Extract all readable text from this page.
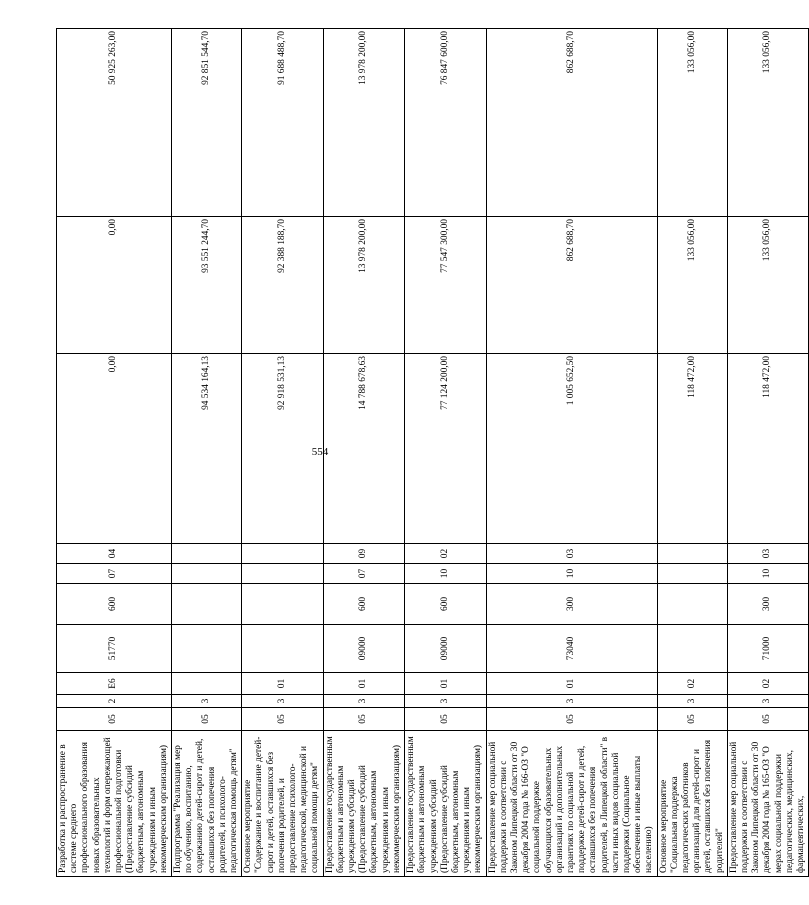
554
Разработка и распространение в системе среднего профессионального образования новых образовательных технологий и форм опережающей профессиональной подготовки (Предоставление субсидий бюджетным, автономным учреждениям и иным некоммерческим организациям)	05	2	Е6	51770	600	07	04	0,00	0,00	50 925 263,00
Подпрограмма "Реализация мер по обучению, воспитанию, содержанию детей-сирот и детей, оставшихся без попечения родителей, и психолого-педагогическая помощь детям"	05	3						94 534 164,13	93 551 244,70	92 851 544,70
Основное мероприятие "Содержание и воспитание детей-сирот и детей, оставшихся без попечения родителей, и предоставление психолого-педагогической, медицинской и социальной помощи детям"	05	3	01					92 918 531,13	92 388 188,70	91 688 488,70
Предоставление государственным бюджетным и автономным учреждениям субсидий (Предоставление субсидий бюджетным, автономным учреждениям и иным некоммерческим организациям)	05	3	01	09000	600	07	09	14 788 678,63	13 978 200,00	13 978 200,00
Предоставление государственным бюджетным и автономным учреждениям субсидий (Предоставление субсидий бюджетным, автономным учреждениям и иным некоммерческим организациям)	05	3	01	09000	600	10	02	77 124 200,00	77 547 300,00	76 847 600,00
Предоставление мер социальной поддержки в соответствии с Законом Липецкой области от 30 декабря 2004 года № 166-ОЗ "О социальной поддержке обучающихся образовательных организаций и дополнительных гарантиях по социальной поддержке детей-сирот и детей, оставшихся без попечения родителей, в Липецкой области" в части иных видов социальной поддержки (Социальное обеспечение и иные выплаты населению)	05	3	01	73040	300	10	03	1 005 652,50	862 688,70	862 688,70
Основное мероприятие "Социальная поддержка педагогических работников организаций для детей-сирот и детей, оставшихся без попечения родителей"	05	3	02					118 472,00	133 056,00	133 056,00
Предоставление мер социальной поддержки в соответствии с Законом Липецкой области от 30 декабря 2004 года № 165-ОЗ "О мерах социальной поддержки педагогических, медицинских, фармацевтических,	05	3	02	71000	300	10	03	118 472,00	133 056,00	133 056,00
